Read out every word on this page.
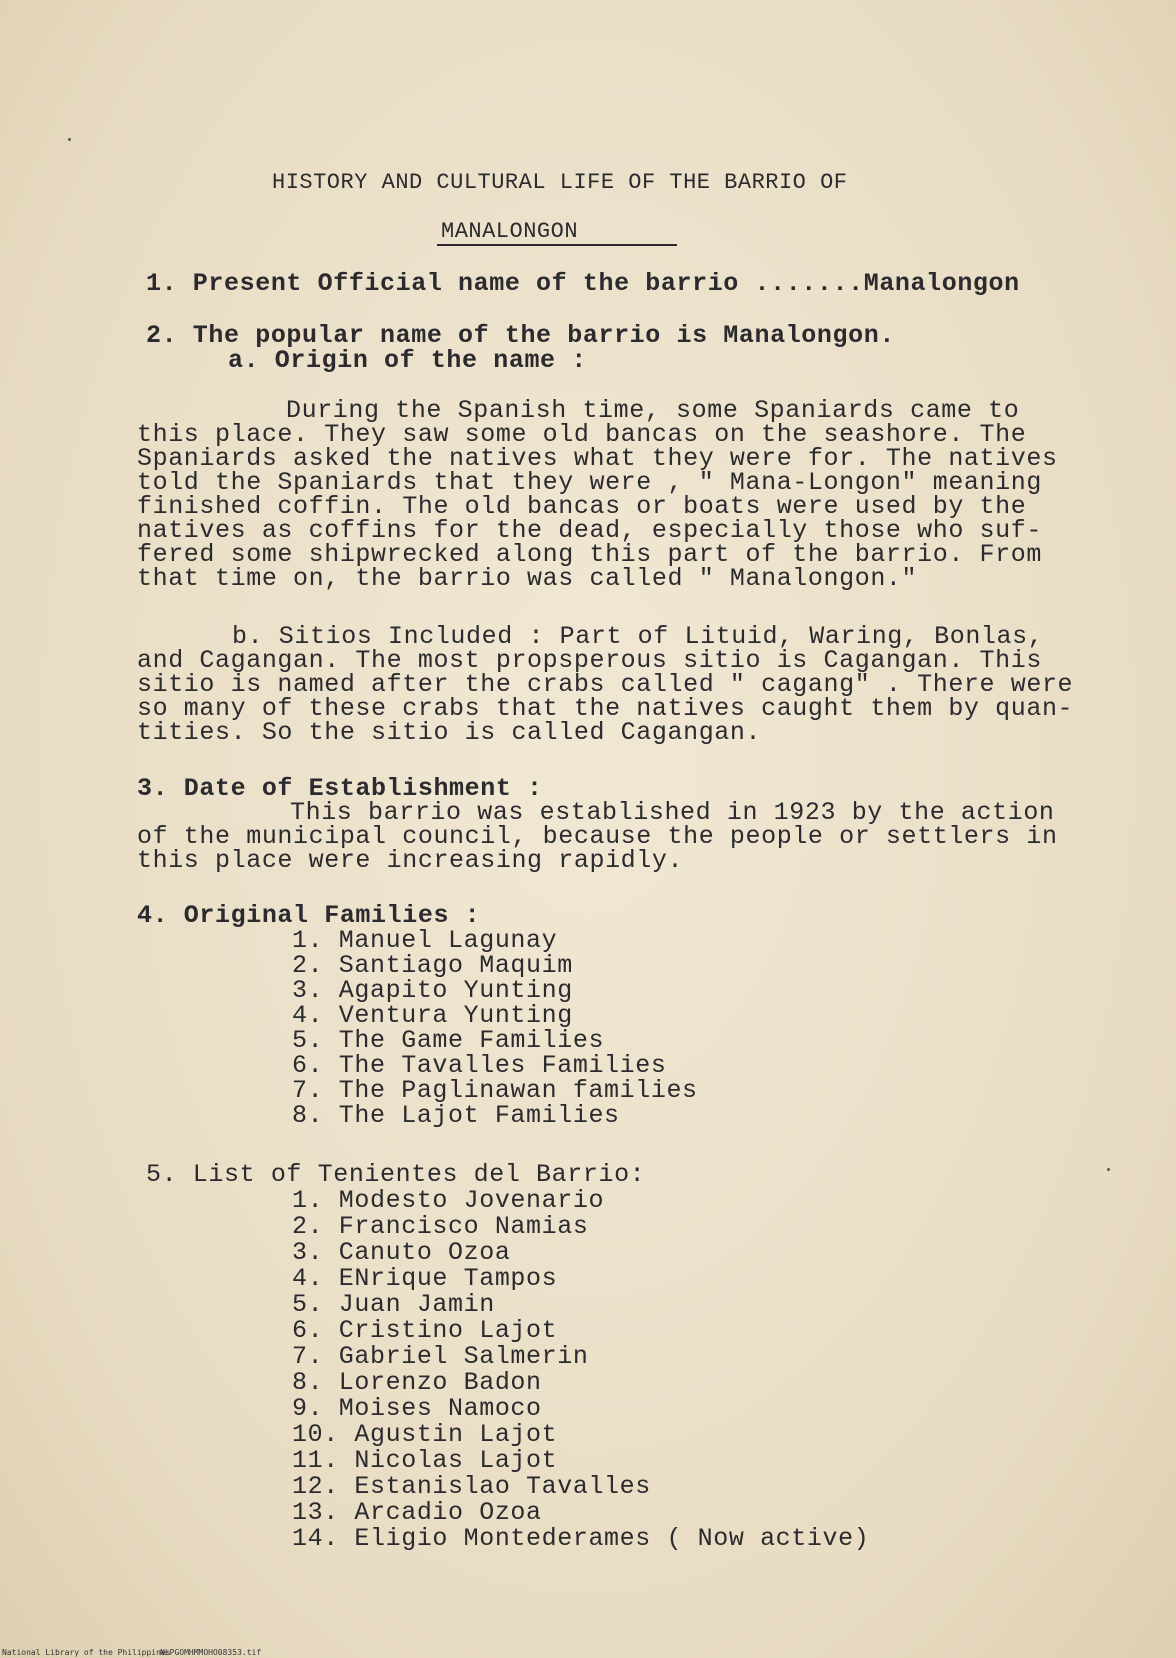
HISTORY AND CULTURAL LIFE OF THE BARRIO OF
MANALONGON
1. Present Official name of the barrio .......Manalongon
2. The popular name of the barrio is Manalongon.
a. Origin of the name :
During the Spanish time, some Spaniards came to
this place. They saw some old bancas on the seashore. The
Spaniards asked the natives what they were for. The natives
told the Spaniards that they were , " Mana-Longon" meaning
finished coffin. The old bancas or boats were used by the
natives as coffins for the dead, especially those who suf-
fered some shipwrecked along this part of the barrio. From
that time on, the barrio was called " Manalongon."
b. Sitios Included : Part of Lituid, Waring, Bonlas,
and Cagangan. The most propsperous sitio is Cagangan. This
sitio is named after the crabs called " cagang" . There were
so many of these crabs that the natives caught them by quan-
tities. So the sitio is called Cagangan.
3. Date of Establishment :
This barrio was established in 1923 by the action
of the municipal council, because the people or settlers in
this place were increasing rapidly.
4. Original Families :
1. Manuel Lagunay
2. Santiago Maquim
3. Agapito Yunting
4. Ventura Yunting
5. The Game Families
6. The Tavalles Families
7. The Paglinawan families
8. The Lajot Families
5. List of Tenientes del Barrio:
1. Modesto Jovenario
2. Francisco Namias
3. Canuto Ozoa
4. ENrique Tampos
5. Juan Jamin
6. Cristino Lajot
7. Gabriel Salmerin
8. Lorenzo Badon
9. Moises Namoco
10. Agustin Lajot
11. Nicolas Lajot
12. Estanislao Tavalles
13. Arcadio Ozoa
14. Eligio Montederames ( Now active)
National Library of the Philippines
NLPGOMHMMOHO08353.tif
